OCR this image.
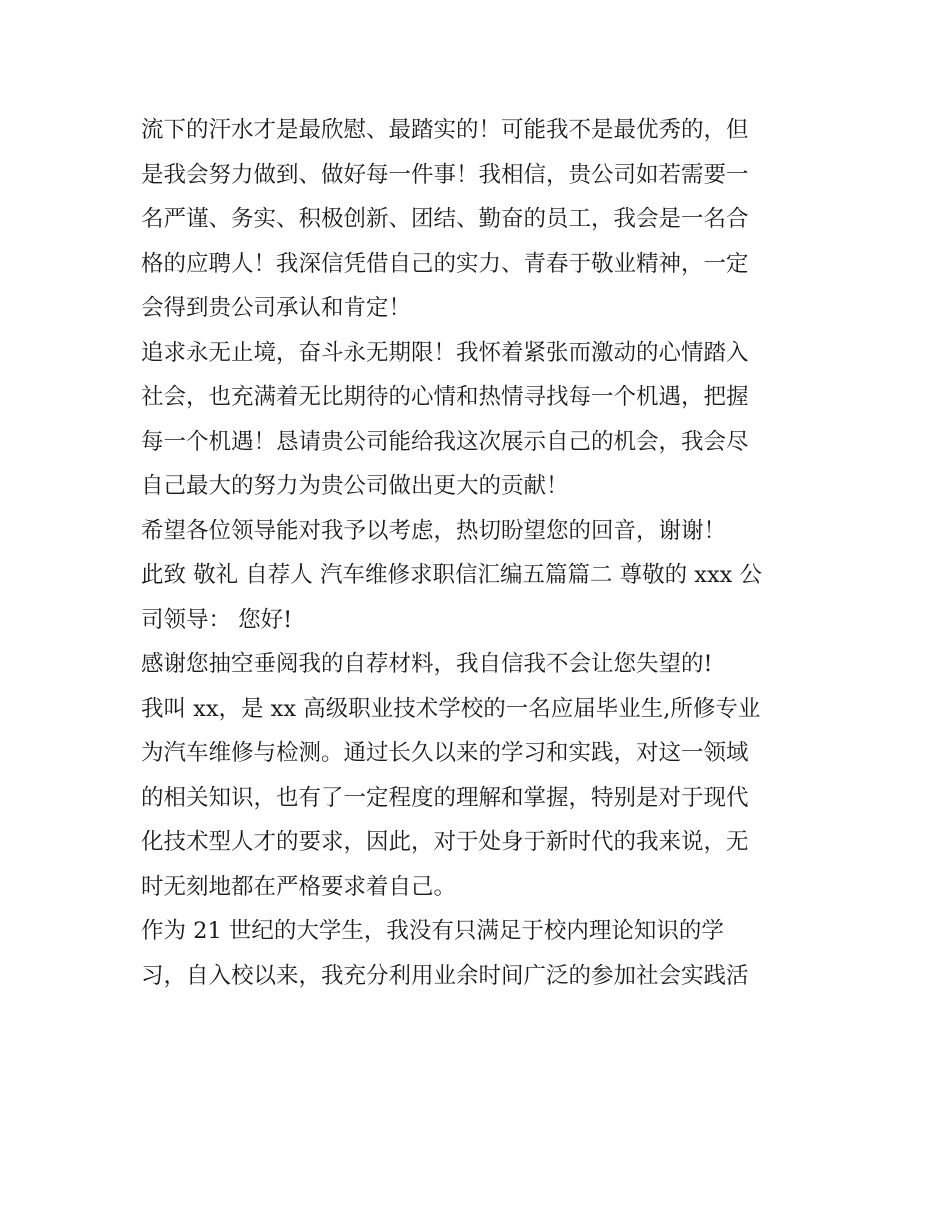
流下的汗水才是最欣慰、最踏实的！可能我不是最优秀的，但
是我会努力做到、做好每一件事！我相信，贵公司如若需要一
名严谨、务实、积极创新、团结、勤奋的员工，我会是一名合
格的应聘人！我深信凭借自己的实力、青春于敬业精神，一定
会得到贵公司承认和肯定！
追求永无止境，奋斗永无期限！我怀着紧张而激动的心情踏入
社会，也充满着无比期待的心情和热情寻找每一个机遇，把握
每一个机遇！恳请贵公司能给我这次展示自己的机会，我会尽
自己最大的努力为贵公司做出更大的贡献！
希望各位领导能对我予以考虑，热切盼望您的回音，谢谢！
此致 敬礼 自荐人 汽车维修求职信汇编五篇篇二 尊敬的 xxx 公
司领导： 您好!
感谢您抽空垂阅我的自荐材料，我自信我不会让您失望的!
我叫 xx，是 xx 高级职业技术学校的一名应届毕业生,所修专业
为汽车维修与检测。通过长久以来的学习和实践，对这一领域
的相关知识，也有了一定程度的理解和掌握，特别是对于现代
化技术型人才的要求，因此，对于处身于新时代的我来说，无
时无刻地都在严格要求着自己。
作为 21 世纪的大学生，我没有只满足于校内理论知识的学
习，自入校以来，我充分利用业余时间广泛的参加社会实践活
